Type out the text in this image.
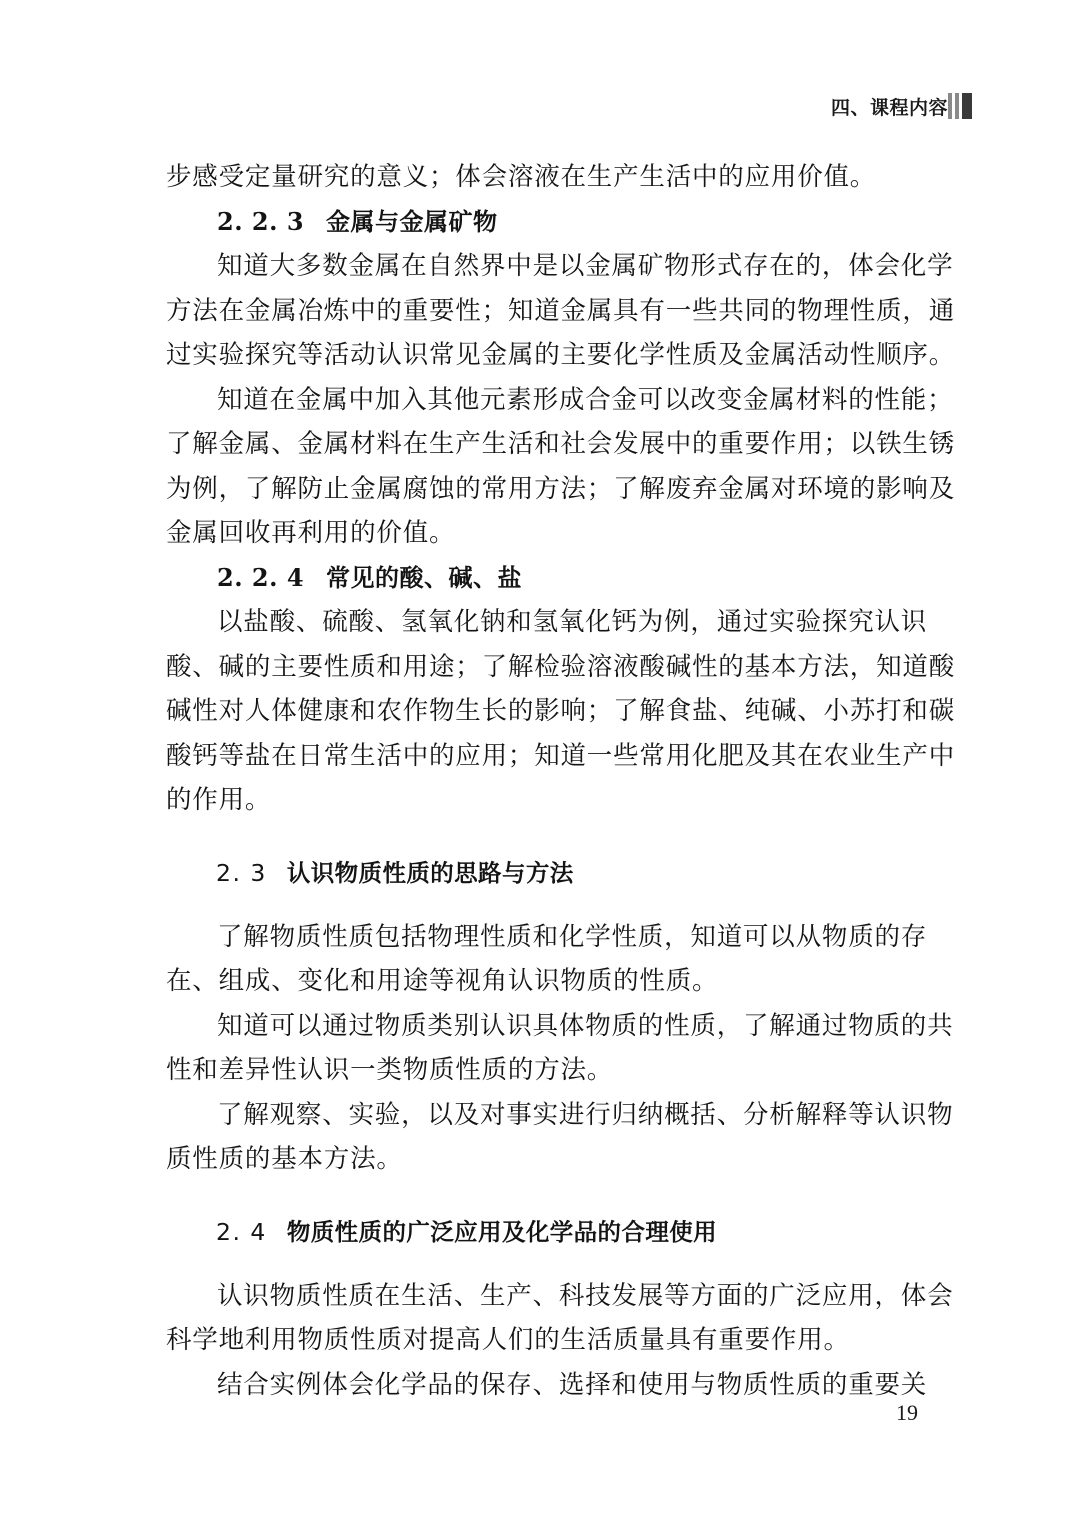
四、课程内容
步感受定量研究的意义；体会溶液在生产生活中的应用价值。
2. 2. 3 金属与金属矿物
知道大多数金属在自然界中是以金属矿物形式存在的，体会化学
方法在金属冶炼中的重要性；知道金属具有一些共同的物理性质，通
过实验探究等活动认识常见金属的主要化学性质及金属活动性顺序。
知道在金属中加入其他元素形成合金可以改变金属材料的性能；
了解金属、金属材料在生产生活和社会发展中的重要作用；以铁生锈
为例，了解防止金属腐蚀的常用方法；了解废弃金属对环境的影响及
金属回收再利用的价值。
2. 2. 4 常见的酸、碱、盐
以盐酸、硫酸、氢氧化钠和氢氧化钙为例，通过实验探究认识
酸、碱的主要性质和用途；了解检验溶液酸碱性的基本方法，知道酸
碱性对人体健康和农作物生长的影响；了解食盐、纯碱、小苏打和碳
酸钙等盐在日常生活中的应用；知道一些常用化肥及其在农业生产中
的作用。
2. 3 认识物质性质的思路与方法
了解物质性质包括物理性质和化学性质，知道可以从物质的存
在、组成、变化和用途等视角认识物质的性质。
知道可以通过物质类别认识具体物质的性质，了解通过物质的共
性和差异性认识一类物质性质的方法。
了解观察、实验，以及对事实进行归纳概括、分析解释等认识物
质性质的基本方法。
2. 4 物质性质的广泛应用及化学品的合理使用
认识物质性质在生活、生产、科技发展等方面的广泛应用，体会
科学地利用物质性质对提高人们的生活质量具有重要作用。
结合实例体会化学品的保存、选择和使用与物质性质的重要关
19
